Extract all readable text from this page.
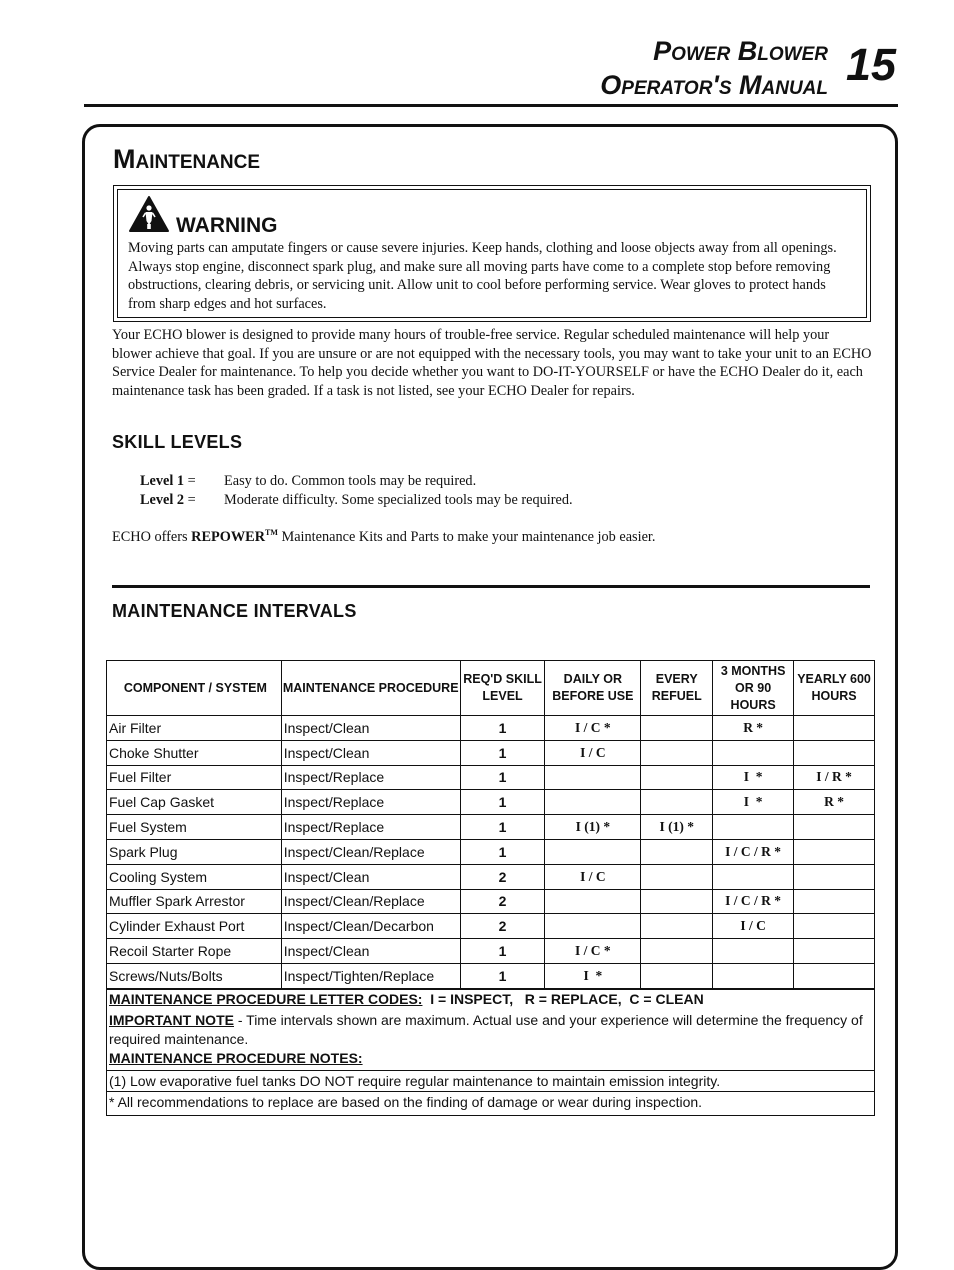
Power Blower
Operator's Manual 15
Maintenance
WARNING
Moving parts can amputate fingers or cause severe injuries. Keep hands, clothing and loose objects away from all openings. Always stop engine, disconnect spark plug, and make sure all moving parts have come to a complete stop before removing obstructions, clearing debris, or servicing unit. Allow unit to cool before performing service. Wear gloves to protect hands from sharp edges and hot surfaces.
Your ECHO blower is designed to provide many hours of trouble-free service. Regular scheduled maintenance will help your blower achieve that goal. If you are unsure or are not equipped with the necessary tools, you may want to take your unit to an ECHO Service Dealer for maintenance. To help you decide whether you want to DO-IT-YOURSELF or have the ECHO Dealer do it, each maintenance task has been graded. If a task is not listed, see your ECHO Dealer for repairs.
SKILL LEVELS
Level 1 = Easy to do. Common tools may be required.
Level 2 = Moderate difficulty. Some specialized tools may be required.
ECHO offers REPOWER™ Maintenance Kits and Parts to make your maintenance job easier.
MAINTENANCE INTERVALS
COMPONENT / SYSTEM	MAINTENANCE PROCEDURE	REQ'D SKILL LEVEL	DAILY OR BEFORE USE	EVERY REFUEL	3 MONTHS OR 90 HOURS	YEARLY 600 HOURS
Air Filter	Inspect/Clean	1	I / C *		R *	
Choke Shutter	Inspect/Clean	1	I / C			
Fuel Filter	Inspect/Replace	1			I  *	I / R *
Fuel Cap Gasket	Inspect/Replace	1			I  *	R *
Fuel System	Inspect/Replace	1	I (1) *	I (1) *		
Spark Plug	Inspect/Clean/Replace	1			I / C / R *	
Cooling System	Inspect/Clean	2	I / C			
Muffler Spark Arrestor	Inspect/Clean/Replace	2			I / C / R *	
Cylinder Exhaust Port	Inspect/Clean/Decarbon	2			I / C	
Recoil Starter Rope	Inspect/Clean	1	I / C *			
Screws/Nuts/Bolts	Inspect/Tighten/Replace	1	I  *			

MAINTENANCE PROCEDURE LETTER CODES:  I = INSPECT,   R = REPLACE,  C = CLEAN
IMPORTANT NOTE - Time intervals shown are maximum. Actual use and your experience will determine the frequency of required maintenance.
MAINTENANCE PROCEDURE NOTES:
(1) Low evaporative fuel tanks DO NOT require regular maintenance to maintain emission integrity.
* All recommendations to replace are based on the finding of damage or wear during inspection.						
